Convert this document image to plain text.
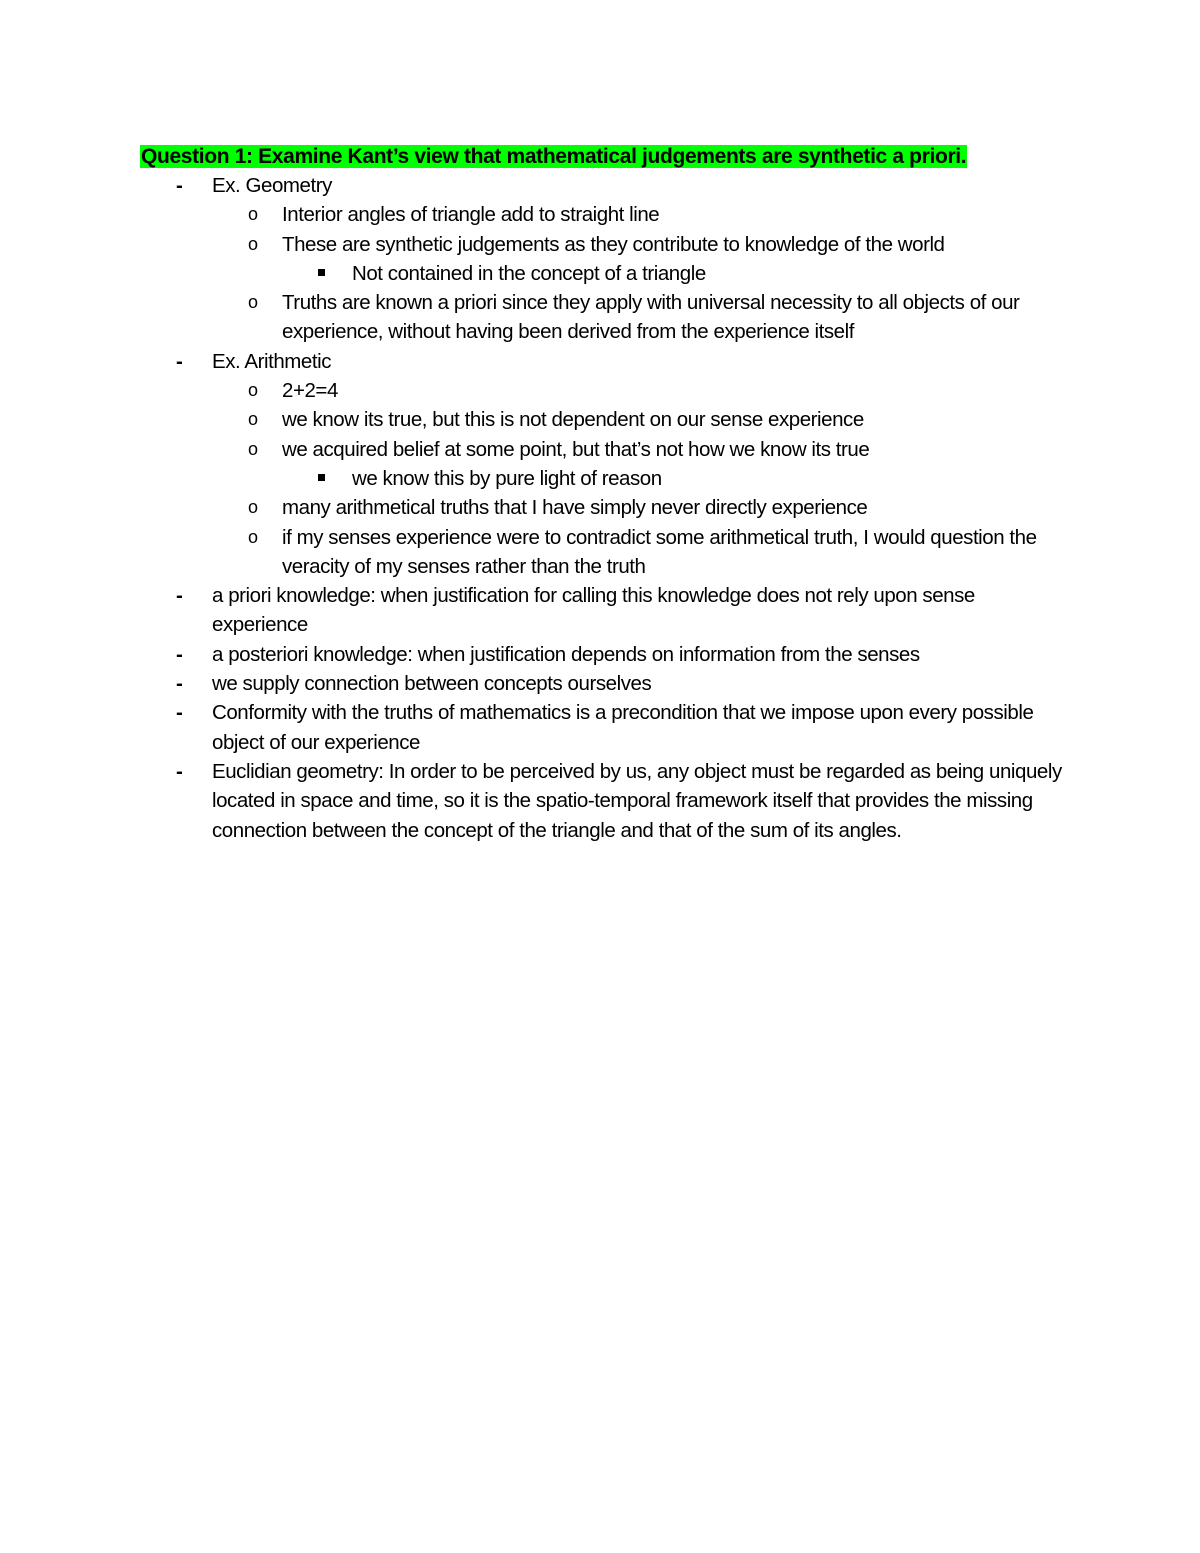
Question 1: Examine Kant’s view that mathematical judgements are synthetic a priori.
- Ex. Geometry
o Interior angles of triangle add to straight line
o These are synthetic judgements as they contribute to knowledge of the world
Not contained in the concept of a triangle
o Truths are known a priori since they apply with universal necessity to all objects of our experience, without having been derived from the experience itself
- Ex. Arithmetic
o 2+2=4
o we know its true, but this is not dependent on our sense experience
o we acquired belief at some point, but that’s not how we know its true
we know this by pure light of reason
o many arithmetical truths that I have simply never directly experience
o if my senses experience were to contradict some arithmetical truth, I would question the veracity of my senses rather than the truth
- a priori knowledge: when justification for calling this knowledge does not rely upon sense experience
- a posteriori knowledge: when justification depends on information from the senses
- we supply connection between concepts ourselves
- Conformity with the truths of mathematics is a precondition that we impose upon every possible object of our experience
- Euclidian geometry: In order to be perceived by us, any object must be regarded as being uniquely located in space and time, so it is the spatio-temporal framework itself that provides the missing connection between the concept of the triangle and that of the sum of its angles.
